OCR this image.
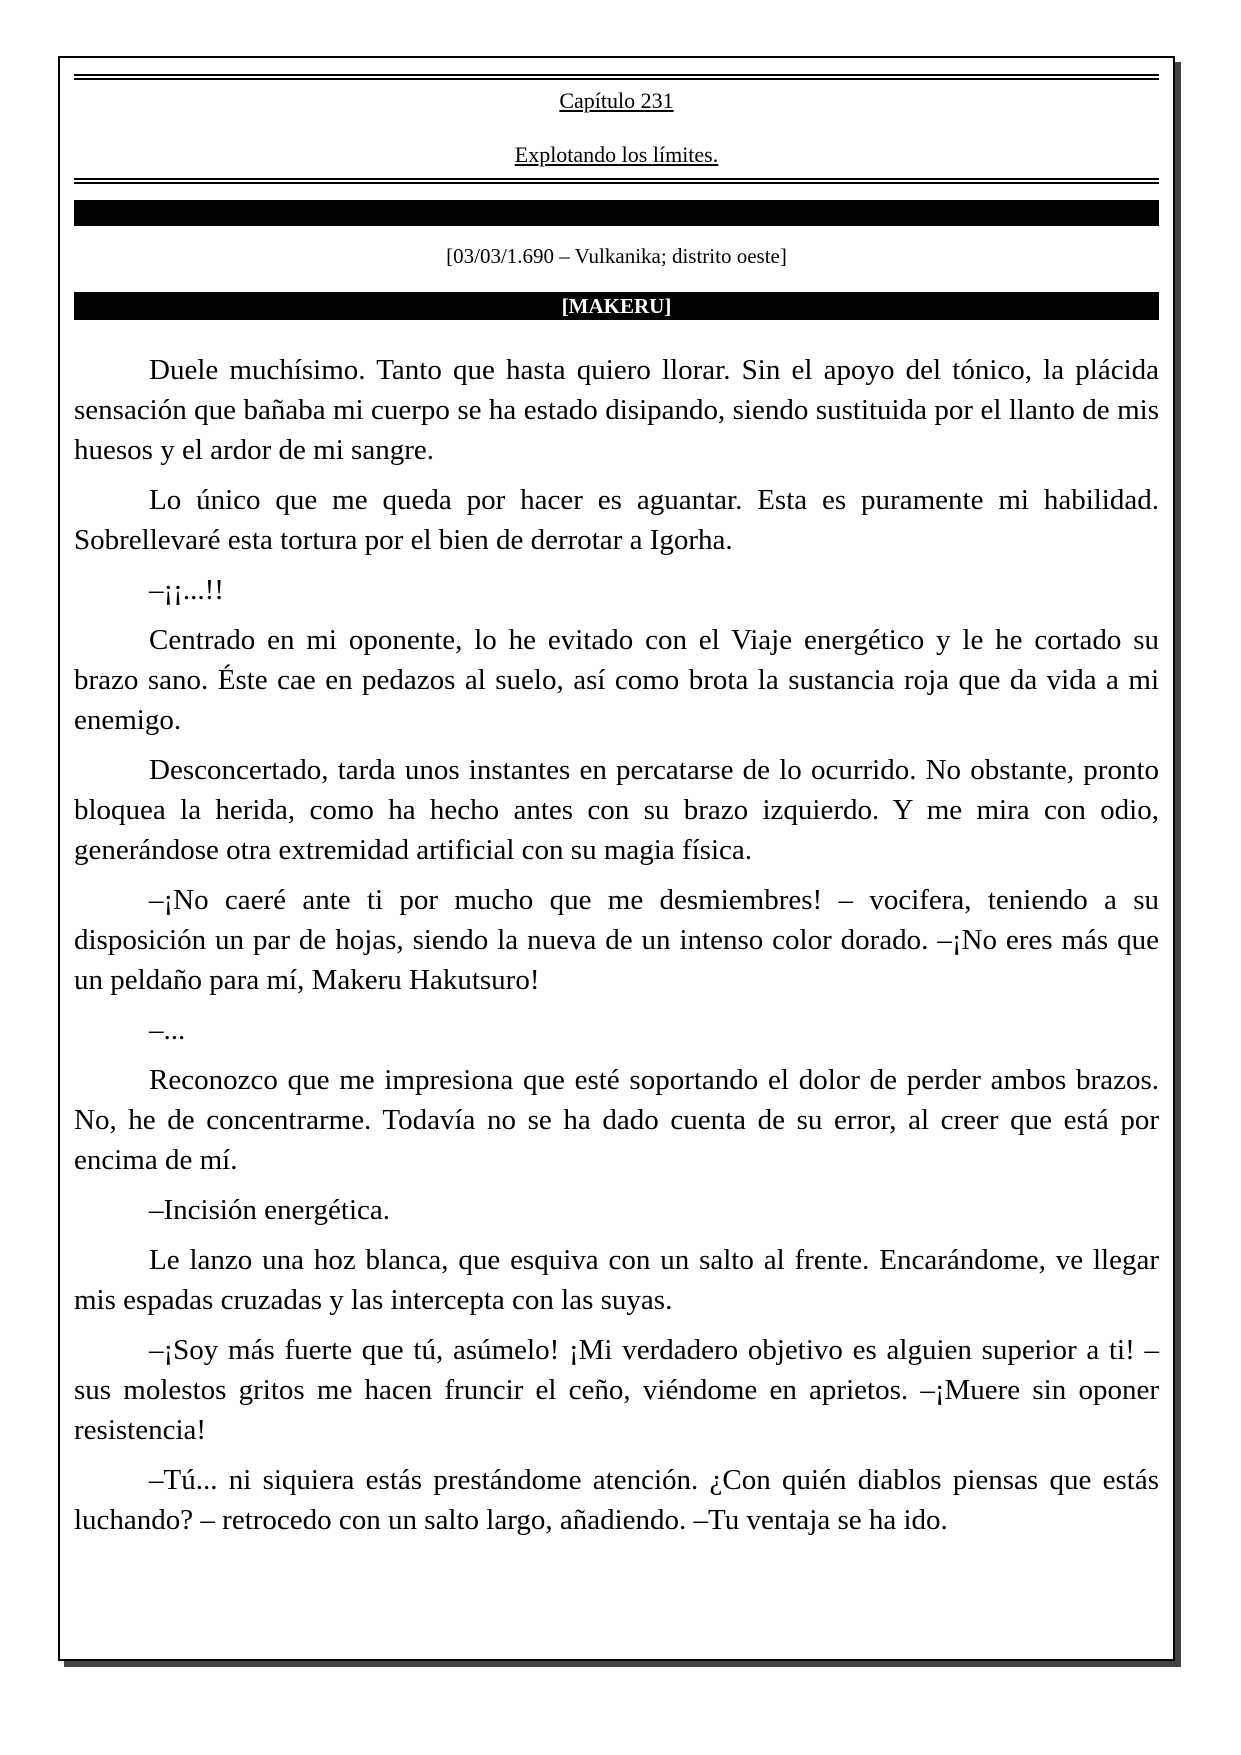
Capítulo 231
Explotando los límites.
[03/03/1.690 – Vulkanika; distrito oeste]
[MAKERU]

Duele muchísimo. Tanto que hasta quiero llorar. Sin el apoyo del tónico, la plácida sensación que bañaba mi cuerpo se ha estado disipando, siendo sustituida por el llanto de mis huesos y el ardor de mi sangre.

Lo único que me queda por hacer es aguantar. Esta es puramente mi habilidad. Sobrellevaré esta tortura por el bien de derrotar a Igorha.

–¡¡...!!

Centrado en mi oponente, lo he evitado con el Viaje energético y le he cortado su brazo sano. Éste cae en pedazos al suelo, así como brota la sustancia roja que da vida a mi enemigo.

Desconcertado, tarda unos instantes en percatarse de lo ocurrido. No obstante, pronto bloquea la herida, como ha hecho antes con su brazo izquierdo. Y me mira con odio, generándose otra extremidad artificial con su magia física.

–¡No caeré ante ti por mucho que me desmiembres! – vocifera, teniendo a su disposición un par de hojas, siendo la nueva de un intenso color dorado. –¡No eres más que un peldaño para mí, Makeru Hakutsuro!

–...

Reconozco que me impresiona que esté soportando el dolor de perder ambos brazos. No, he de concentrarme. Todavía no se ha dado cuenta de su error, al creer que está por encima de mí.

–Incisión energética.

Le lanzo una hoz blanca, que esquiva con un salto al frente. Encarándome, ve llegar mis espadas cruzadas y las intercepta con las suyas.

–¡Soy más fuerte que tú, asúmelo! ¡Mi verdadero objetivo es alguien superior a ti! – sus molestos gritos me hacen fruncir el ceño, viéndome en aprietos. –¡Muere sin oponer resistencia!

–Tú... ni siquiera estás prestándome atención. ¿Con quién diablos piensas que estás luchando? – retrocedo con un salto largo, añadiendo. –Tu ventaja se ha ido.
